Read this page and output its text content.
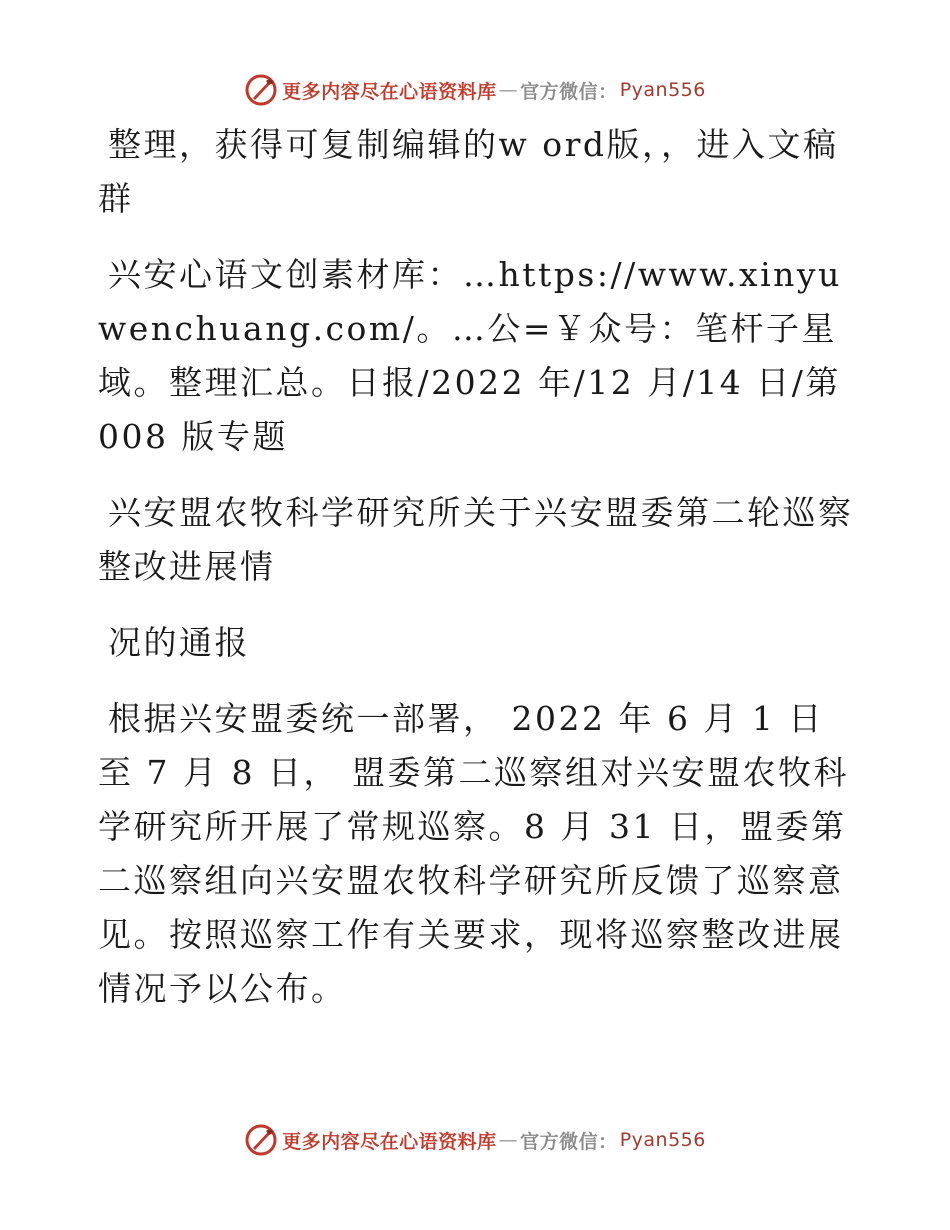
更多内容尽在心语资料库 — 官方微信： Pyan556

整理，获得可复制编辑的w ord版，，进入文稿群

兴安心语文创素材库：…https://www.xinyuwenchuang.com/。…公=￥众号：笔杆子星域。整理汇总。日报/2022 年/12 月/14 日/第 008 版专题

兴安盟农牧科学研究所关于兴安盟委第二轮巡察整改进展情

况的通报

根据兴安盟委统一部署， 2022 年 6 月 1 日至 7 月 8 日， 盟委第二巡察组对兴安盟农牧科学研究所开展了常规巡察。8 月 31 日，盟委第二巡察组向兴安盟农牧科学研究所反馈了巡察意见。按照巡察工作有关要求，现将巡察整改进展情况予以公布。

更多内容尽在心语资料库 — 官方微信： Pyan556
